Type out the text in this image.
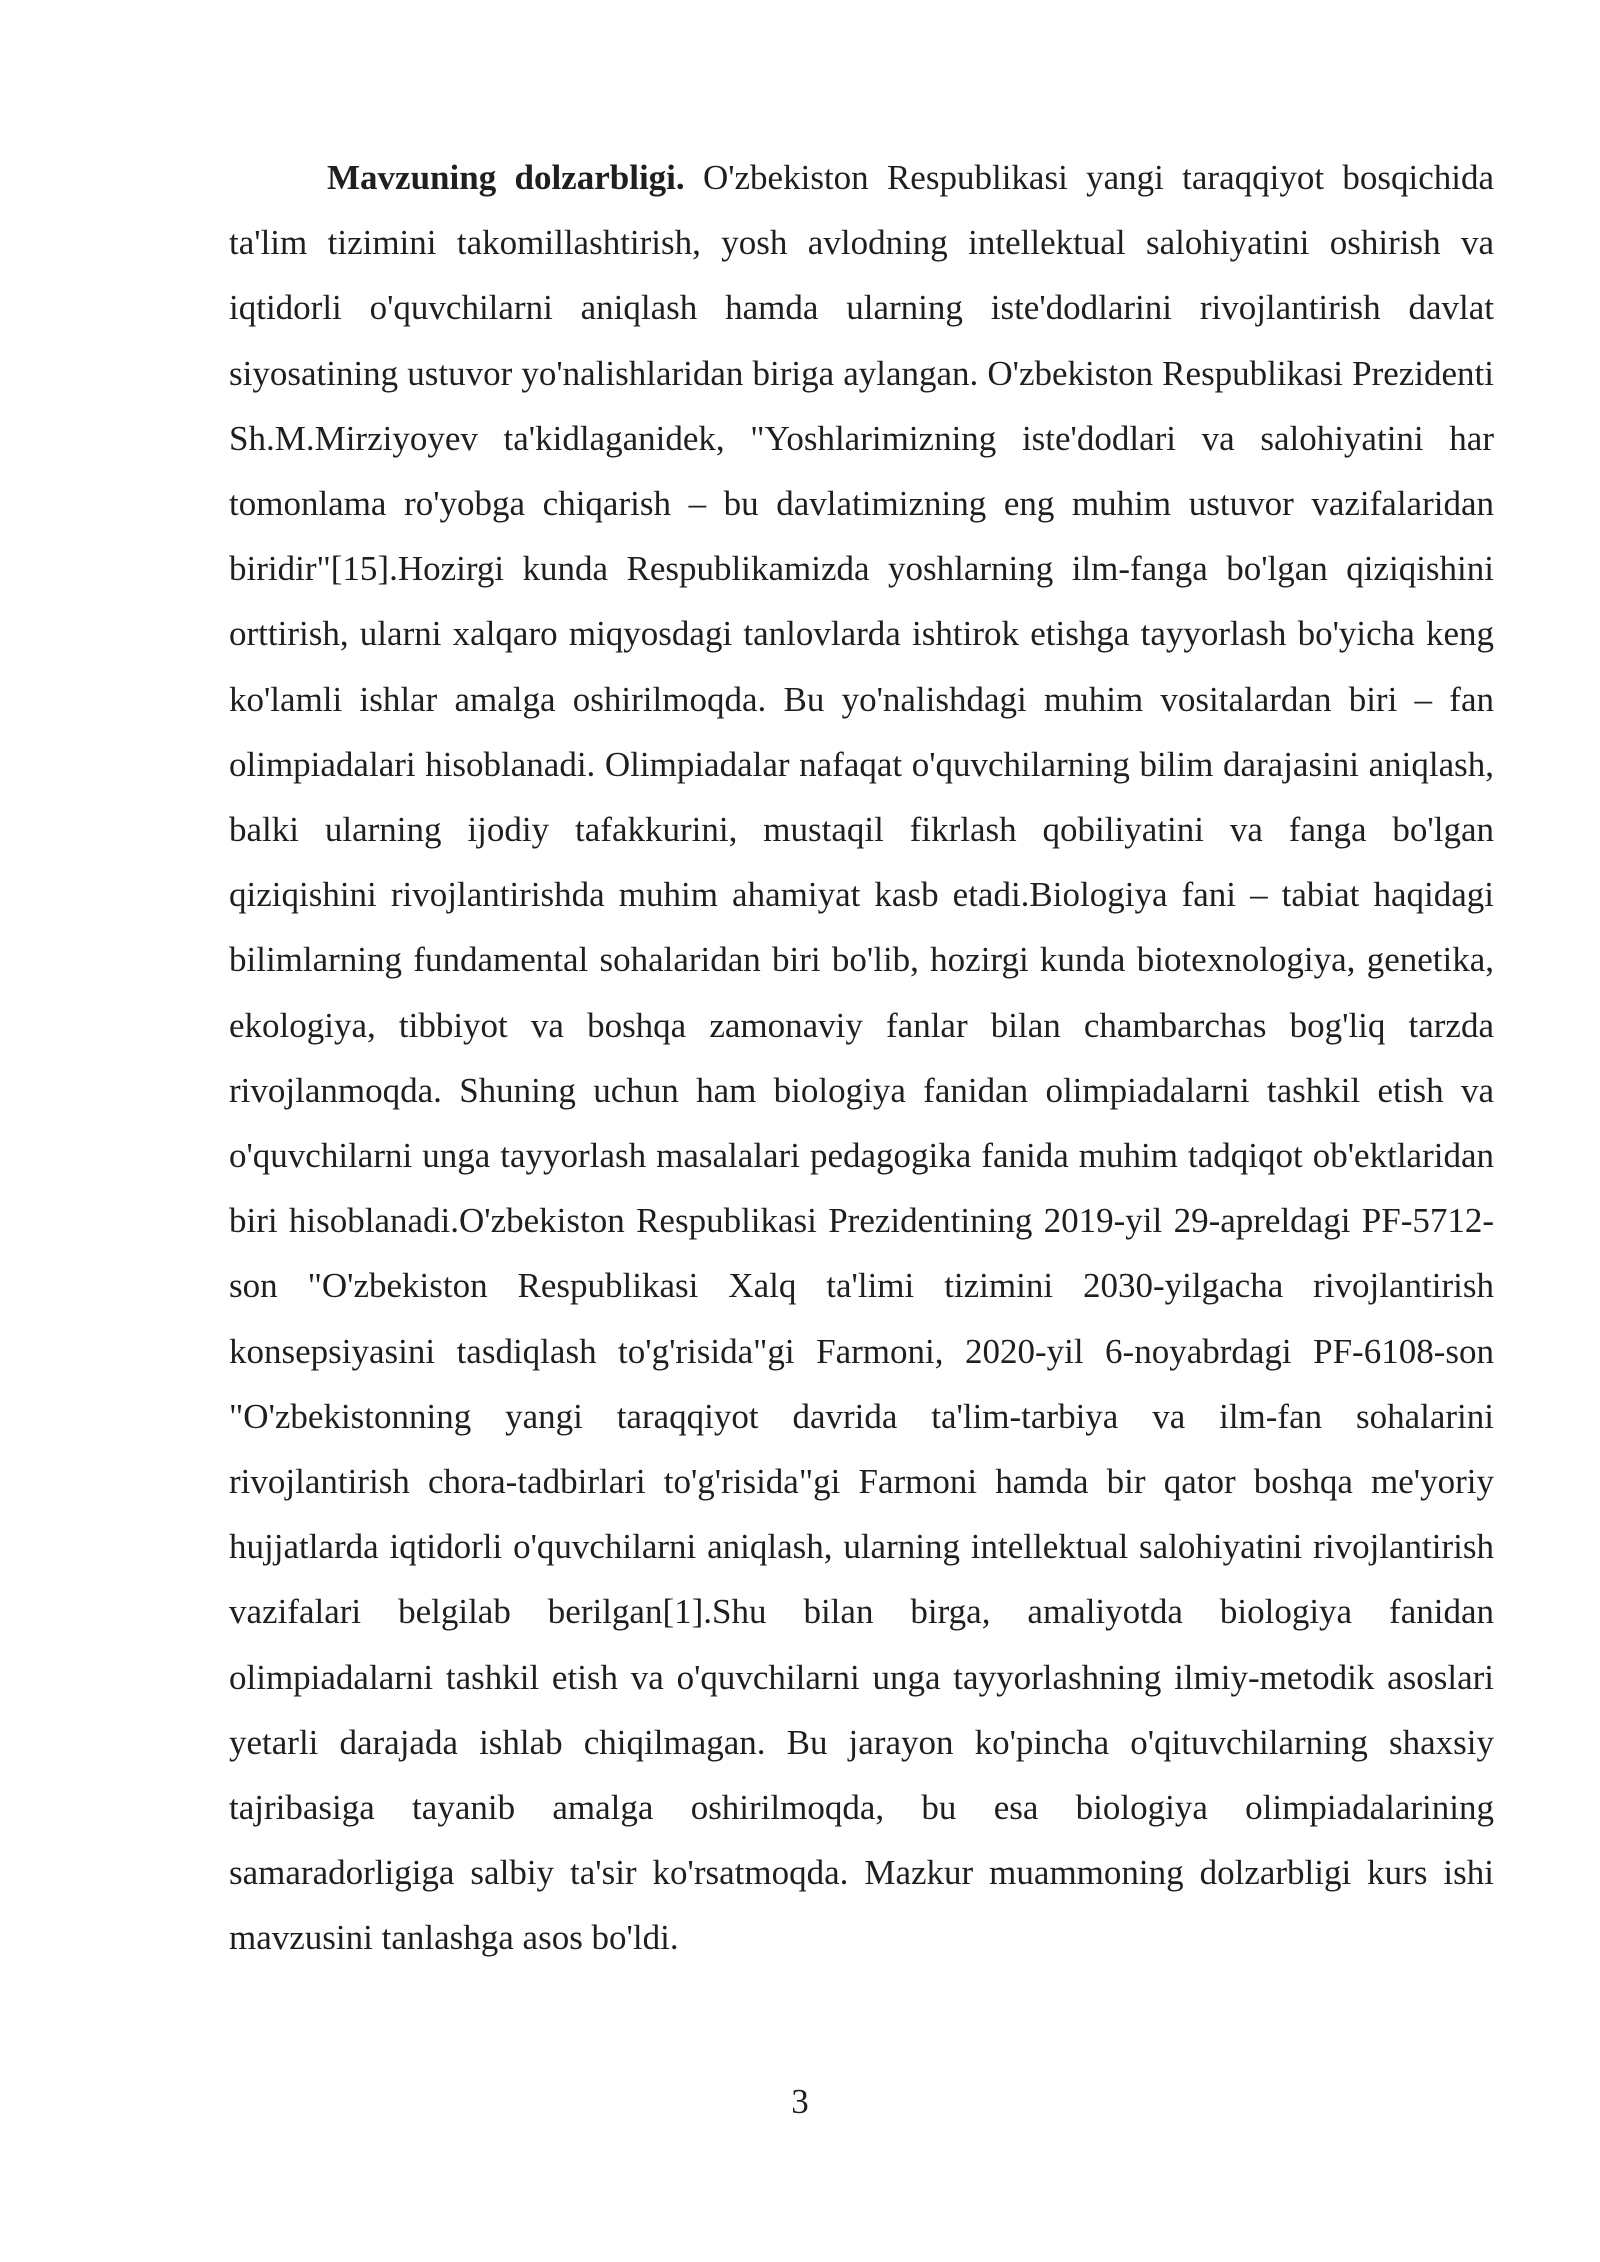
Mavzuning dolzarbligi. O'zbekiston Respublikasi yangi taraqqiyot bosqichida ta'lim tizimini takomillashtirish, yosh avlodning intellektual salohiyatini oshirish va iqtidorli o'quvchilarni aniqlash hamda ularning iste'dodlarini rivojlantirish davlat siyosatining ustuvor yo'nalishlaridan biriga aylangan. O'zbekiston Respublikasi Prezidenti Sh.M.Mirziyoyev ta'kidlaganidek, "Yoshlarimizning iste'dodlari va salohiyatini har tomonlama ro'yobga chiqarish – bu davlatimizning eng muhim ustuvor vazifalaridan biridir"[15].Hozirgi kunda Respublikamizda yoshlarning ilm-fanga bo'lgan qiziqishini orttirish, ularni xalqaro miqyosdagi tanlovlarda ishtirok etishga tayyorlash bo'yicha keng ko'lamli ishlar amalga oshirilmoqda. Bu yo'nalishdagi muhim vositalardan biri – fan olimpiadalari hisoblanadi. Olimpiadalar nafaqat o'quvchilarning bilim darajasini aniqlash, balki ularning ijodiy tafakkurini, mustaqil fikrlash qobiliyatini va fanga bo'lgan qiziqishini rivojlantirishda muhim ahamiyat kasb etadi.Biologiya fani – tabiat haqidagi bilimlarning fundamental sohalaridan biri bo'lib, hozirgi kunda biotexnologiya, genetika, ekologiya, tibbiyot va boshqa zamonaviy fanlar bilan chambarchas bog'liq tarzda rivojlanmoqda. Shuning uchun ham biologiya fanidan olimpiadalarni tashkil etish va o'quvchilarni unga tayyorlash masalalari pedagogika fanida muhim tadqiqot ob'ektlaridan biri hisoblanadi.O'zbekiston Respublikasi Prezidentining 2019-yil 29-apreldagi PF-5712-son "O'zbekiston Respublikasi Xalq ta'limi tizimini 2030-yilgacha rivojlantirish konsepsiyasini tasdiqlash to'g'risida"gi Farmoni, 2020-yil 6-noyabrdagi PF-6108-son "O'zbekistonning yangi taraqqiyot davrida ta'lim-tarbiya va ilm-fan sohalarini rivojlantirish chora-tadbirlari to'g'risida"gi Farmoni hamda bir qator boshqa me'yoriy hujjatlarda iqtidorli o'quvchilarni aniqlash, ularning intellektual salohiyatini rivojlantirish vazifalari belgilab berilgan[1].Shu bilan birga, amaliyotda biologiya fanidan olimpiadalarni tashkil etish va o'quvchilarni unga tayyorlashning ilmiy-metodik asoslari yetarli darajada ishlab chiqilmagan. Bu jarayon ko'pincha o'qituvchilarning shaxsiy tajribasiga tayanib amalga oshirilmoqda, bu esa biologiya olimpiadalarining samaradorligiga salbiy ta'sir ko'rsatmoqda. Mazkur muammoning dolzarbligi kurs ishi mavzusini tanlashga asos bo'ldi.

3
